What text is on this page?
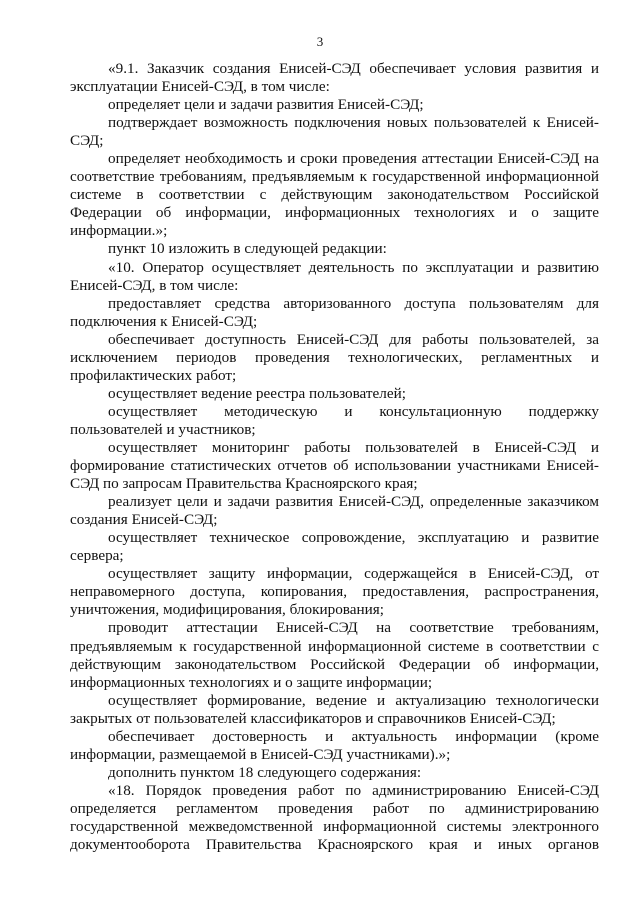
3

«9.1. Заказчик создания Енисей-СЭД обеспечивает условия развития и эксплуатации Енисей-СЭД, в том числе:

определяет цели и задачи развития Енисей-СЭД;

подтверждает возможность подключения новых пользователей к Енисей-СЭД;

определяет необходимость и сроки проведения аттестации Енисей-СЭД на соответствие требованиям, предъявляемым к государственной информационной системе в соответствии с действующим законодательством Российской Федерации об информации, информационных технологиях и о защите информации.»;

пункт 10 изложить в следующей редакции:

«10. Оператор осуществляет деятельность по эксплуатации и развитию Енисей-СЭД, в том числе:

предоставляет средства авторизованного доступа пользователям для подключения к Енисей-СЭД;

обеспечивает доступность Енисей-СЭД для работы пользователей, за исключением периодов проведения технологических, регламентных и профилактических работ;

осуществляет ведение реестра пользователей;

осуществляет методическую и консультационную поддержку пользователей и участников;

осуществляет мониторинг работы пользователей в Енисей-СЭД и формирование статистических отчетов об использовании участниками Енисей-СЭД по запросам Правительства Красноярского края;

реализует цели и задачи развития Енисей-СЭД, определенные заказчиком создания Енисей-СЭД;

осуществляет техническое сопровождение, эксплуатацию и развитие сервера;

осуществляет защиту информации, содержащейся в Енисей-СЭД, от неправомерного доступа, копирования, предоставления, распространения, уничтожения, модифицирования, блокирования;

проводит аттестации Енисей-СЭД на соответствие требованиям, предъявляемым к государственной информационной системе в соответствии с действующим законодательством Российской Федерации об информации, информационных технологиях и о защите информации;

осуществляет формирование, ведение и актуализацию технологически закрытых от пользователей классификаторов и справочников Енисей-СЭД;

обеспечивает достоверность и актуальность информации (кроме информации, размещаемой в Енисей-СЭД участниками).»;

дополнить пунктом 18 следующего содержания:

«18. Порядок проведения работ по администрированию Енисей-СЭД определяется регламентом проведения работ по администрированию государственной межведомственной информационной системы электронного документооборота Правительства Красноярского края и иных органов
